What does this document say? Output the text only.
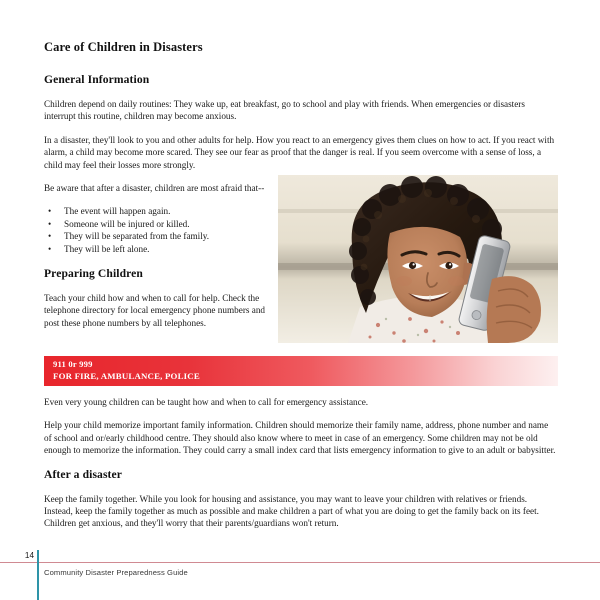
Care of Children in Disasters
General Information

Children depend on daily routines: They wake up, eat breakfast, go to school and play with friends. When emergencies or disasters interrupt this routine, children may become anxious.

In a disaster, they'll look to you and other adults for help. How you react to an emergency gives them clues on how to act. If you react with alarm, a child may become more scared. They see our fear as proof that the danger is real. If you seem overcome with a sense of loss, a child may feel their losses more strongly.

Be aware that after a disaster, children are most afraid that--

• The event will happen again.
• Someone will be injured or killed.
• They will be separated from the family.
• They will be left alone.
Preparing Children

Teach your child how and when to call for help. Check the telephone directory for local emergency phone numbers and post these phone numbers by all telephones.

911 0r 999
FOR FIRE, AMBULANCE, POLICE

Even very young children can be taught how and when to call for emergency assistance.

Help your child memorize important family information. Children should memorize their family name, address, phone number and name of school and or/early childhood centre. They should also know where to meet in case of an emergency. Some children may not be old enough to memorize the information. They could carry a small index card that lists emergency information to give to an adult or babysitter.

After a disaster

Keep the family together. While you look for housing and assistance, you may want to leave your children with relatives or friends. Instead, keep the family together as much as possible and make children a part of what you are doing to get the family back on its feet. Children get anxious, and they'll worry that their parents/guardians won't return.

14
Community Disaster Preparedness Guide
